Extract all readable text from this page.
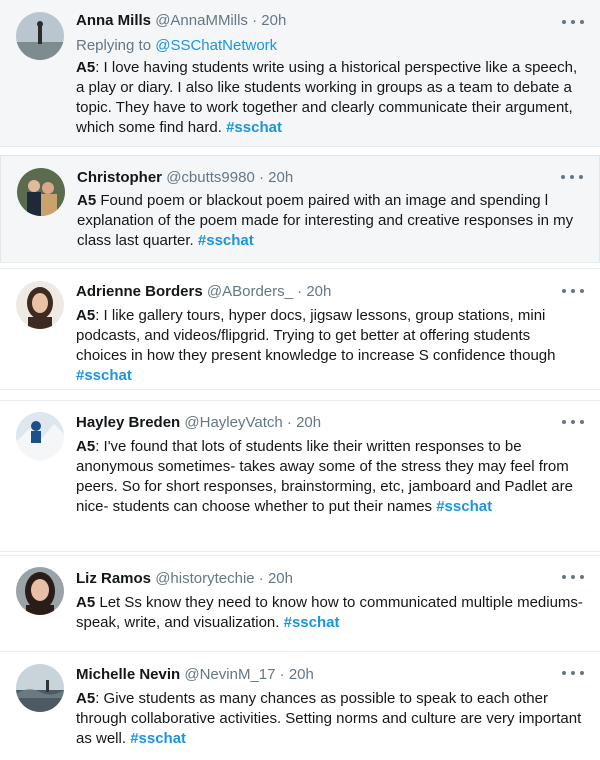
Anna Mills @AnnaMMills · 20h
Replying to @SSChatNetwork
A5: I love having students write using a historical perspective like a speech, a play or diary. I also like students working in groups as a team to debate a topic. They have to work together and clearly communicate their argument, which some find hard. #sschat
Christopher @cbutts9980 · 20h
A5 Found poem or blackout poem paired with an image and spending l explanation of the poem made for interesting and creative responses in my class last quarter. #sschat
Adrienne Borders @ABorders_ · 20h
A5: I like gallery tours, hyper docs, jigsaw lessons, group stations, mini podcasts, and videos/flipgrid. Trying to get better at offering students choices in how they present knowledge to increase S confidence though #sschat
Hayley Breden @HayleyVatch · 20h
A5: I've found that lots of students like their written responses to be anonymous sometimes- takes away some of the stress they may feel from peers. So for short responses, brainstorming, etc, jamboard and Padlet are nice- students can choose whether to put their names #sschat
Liz Ramos @historytechie · 20h
A5 Let Ss know they need to know how to communicated multiple mediums- speak, write, and visualization. #sschat
Michelle Nevin @NevinM_17 · 20h
A5: Give students as many chances as possible to speak to each other through collaborative activities. Setting norms and culture are very important as well. #sschat
